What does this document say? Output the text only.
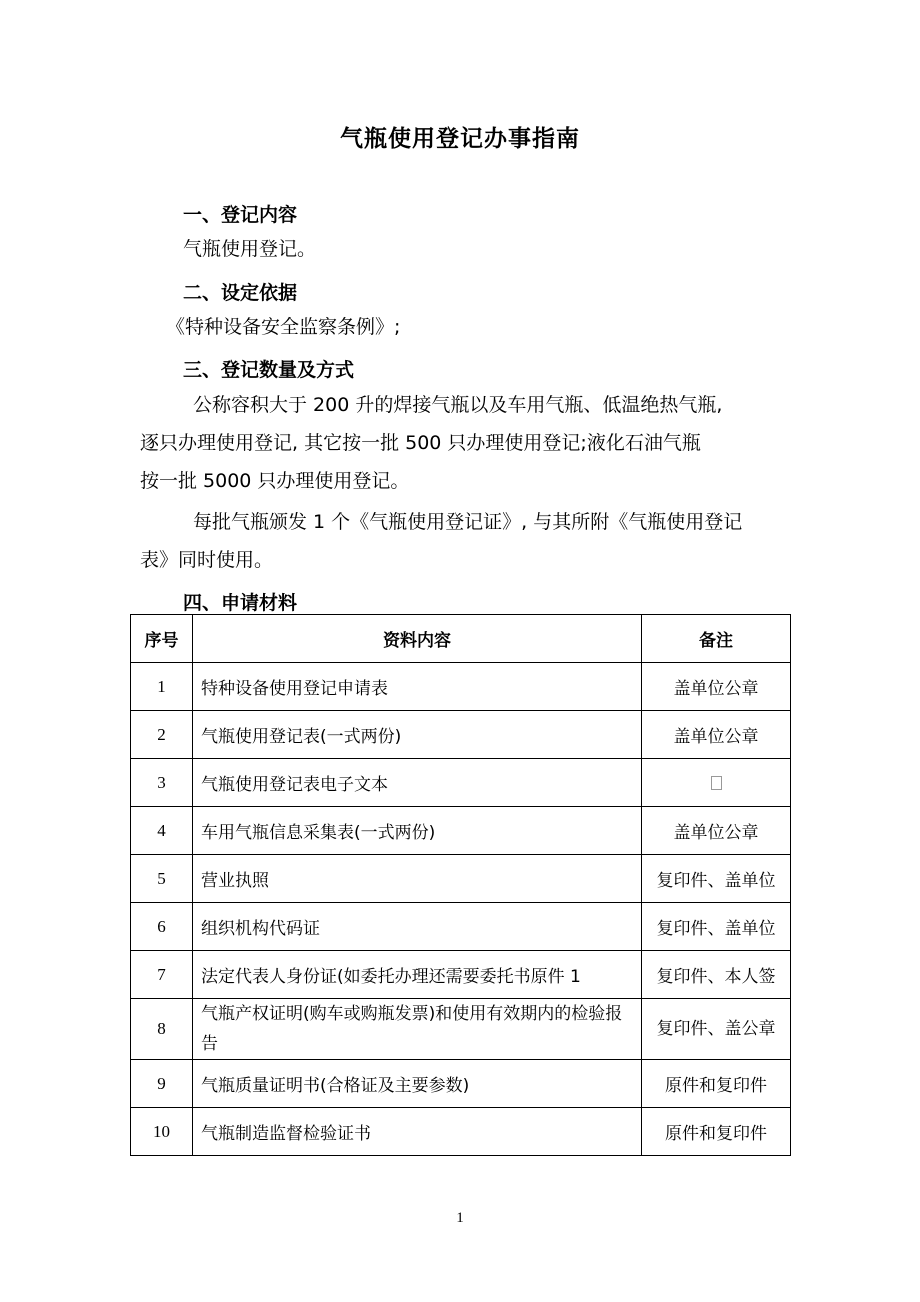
气瓶使用登记办事指南
一、登记内容
气瓶使用登记。
二、设定依据
《特种设备安全监察条例》;
三、登记数量及方式
公称容积大于 200 升的焊接气瓶以及车用气瓶、低温绝热气瓶,
逐只办理使用登记, 其它按一批 500 只办理使用登记;液化石油气瓶
按一批 5000 只办理使用登记。
每批气瓶颁发 1 个《气瓶使用登记证》, 与其所附《气瓶使用登记
表》同时使用。
四、申请材料
序号	资料内容	备注
1	特种设备使用登记申请表	盖单位公章
2	气瓶使用登记表(一式两份)	盖单位公章
3	气瓶使用登记表电子文本	
4	车用气瓶信息采集表(一式两份)	盖单位公章
5	营业执照	复印件、盖单位
6	组织机构代码证	复印件、盖单位
7	法定代表人身份证(如委托办理还需要委托书原件 1	复印件、本人签
8	气瓶产权证明(购车或购瓶发票)和使用有效期内的检验报告	复印件、盖公章
9	气瓶质量证明书(合格证及主要参数)	原件和复印件
10	气瓶制造监督检验证书	原件和复印件
1
